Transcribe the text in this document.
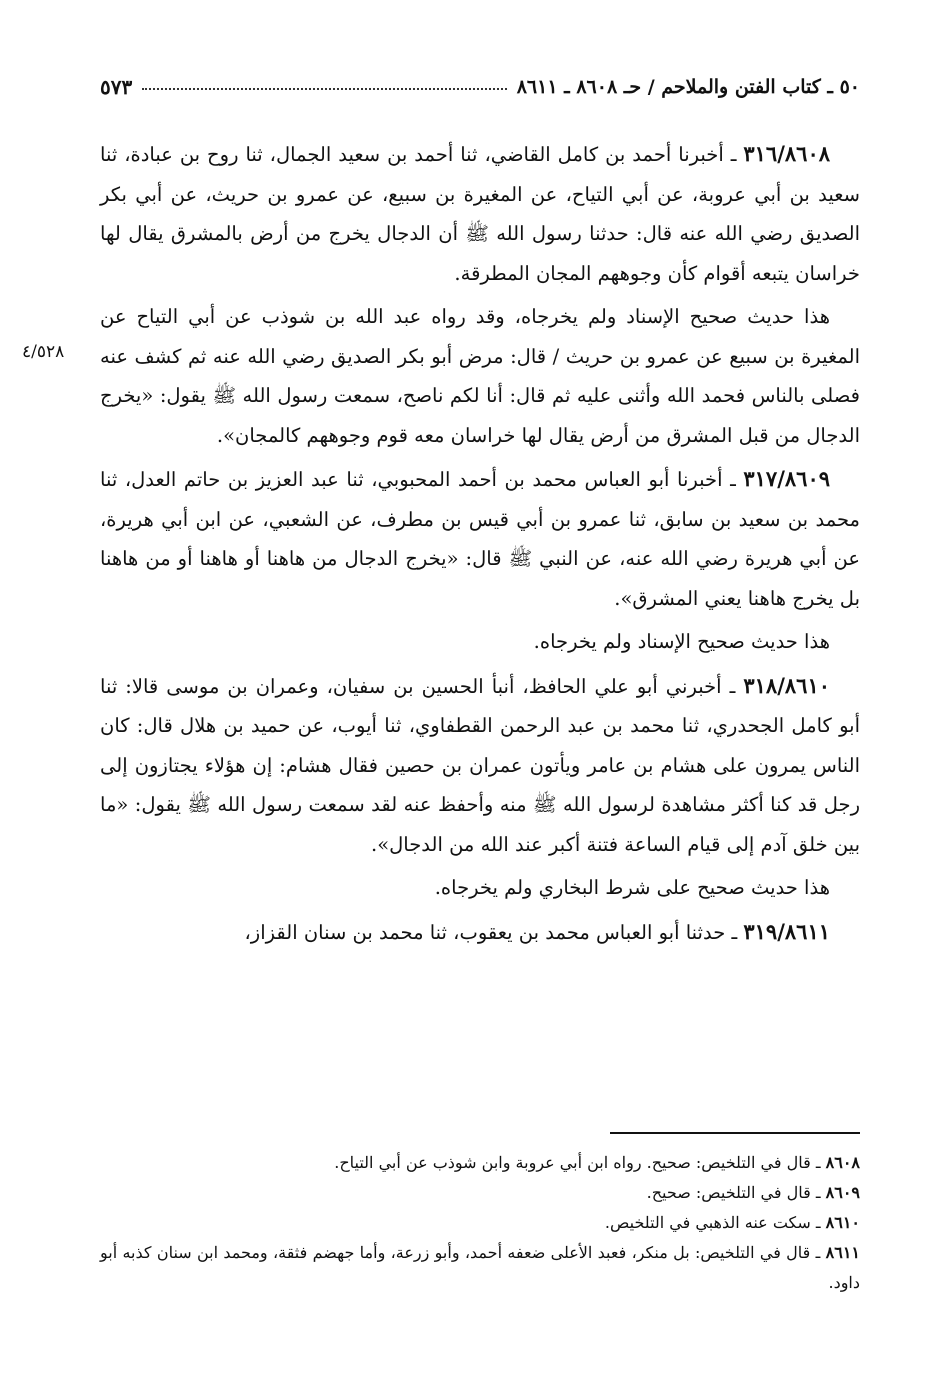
٥٠ ـ كتاب الفتن والملاحم / حـ ٨٦٠٨ ـ ٨٦١١
٥٧٣
٤/٥٢٨

٣١٦/٨٦٠٨ ـ أخبرنا أحمد بن كامل القاضي، ثنا أحمد بن سعيد الجمال، ثنا روح بن عبادة، ثنا سعيد بن أبي عروبة، عن أبي التياح، عن المغيرة بن سبيع، عن عمرو بن حريث، عن أبي بكر الصديق رضي الله عنه قال: حدثنا رسول الله ﷺ أن الدجال يخرج من أرض بالمشرق يقال لها خراسان يتبعه أقوام كأن وجوههم المجان المطرقة.

هذا حديث صحيح الإسناد ولم يخرجاه، وقد رواه عبد الله بن شوذب عن أبي التياح عن المغيرة بن سبيع عن عمرو بن حريث / قال: مرض أبو بكر الصديق رضي الله عنه ثم كشف عنه فصلى بالناس فحمد الله وأثنى عليه ثم قال: أنا لكم ناصح، سمعت رسول الله ﷺ يقول: «يخرج الدجال من قبل المشرق من أرض يقال لها خراسان معه قوم وجوههم كالمجان».

٣١٧/٨٦٠٩ ـ أخبرنا أبو العباس محمد بن أحمد المحبوبي، ثنا عبد العزيز بن حاتم العدل، ثنا محمد بن سعيد بن سابق، ثنا عمرو بن أبي قيس بن مطرف، عن الشعبي، عن ابن أبي هريرة، عن أبي هريرة رضي الله عنه، عن النبي ﷺ قال: «يخرج الدجال من هاهنا أو هاهنا أو من هاهنا بل يخرج هاهنا يعني المشرق».

هذا حديث صحيح الإسناد ولم يخرجاه.

٣١٨/٨٦١٠ ـ أخبرني أبو علي الحافظ، أنبأ الحسين بن سفيان، وعمران بن موسى قالا: ثنا أبو كامل الجحدري، ثنا محمد بن عبد الرحمن القطفاوي، ثنا أيوب، عن حميد بن هلال قال: كان الناس يمرون على هشام بن عامر ويأتون عمران بن حصين فقال هشام: إن هؤلاء يجتازون إلى رجل قد كنا أكثر مشاهدة لرسول الله ﷺ منه وأحفظ عنه لقد سمعت رسول الله ﷺ يقول: «ما بين خلق آدم إلى قيام الساعة فتنة أكبر عند الله من الدجال».

هذا حديث صحيح على شرط البخاري ولم يخرجاه.

٣١٩/٨٦١١ ـ حدثنا أبو العباس محمد بن يعقوب، ثنا محمد بن سنان القزاز،

٨٦٠٨ ـ قال في التلخيص: صحيح. رواه ابن أبي عروبة وابن شوذب عن أبي التياح.

٨٦٠٩ ـ قال في التلخيص: صحيح.

٨٦١٠ ـ سكت عنه الذهبي في التلخيص.

٨٦١١ ـ قال في التلخيص: بل منكر، فعبد الأعلى ضعفه أحمد، وأبو زرعة، وأما جهضم فثقة، ومحمد ابن سنان كذبه أبو داود.
